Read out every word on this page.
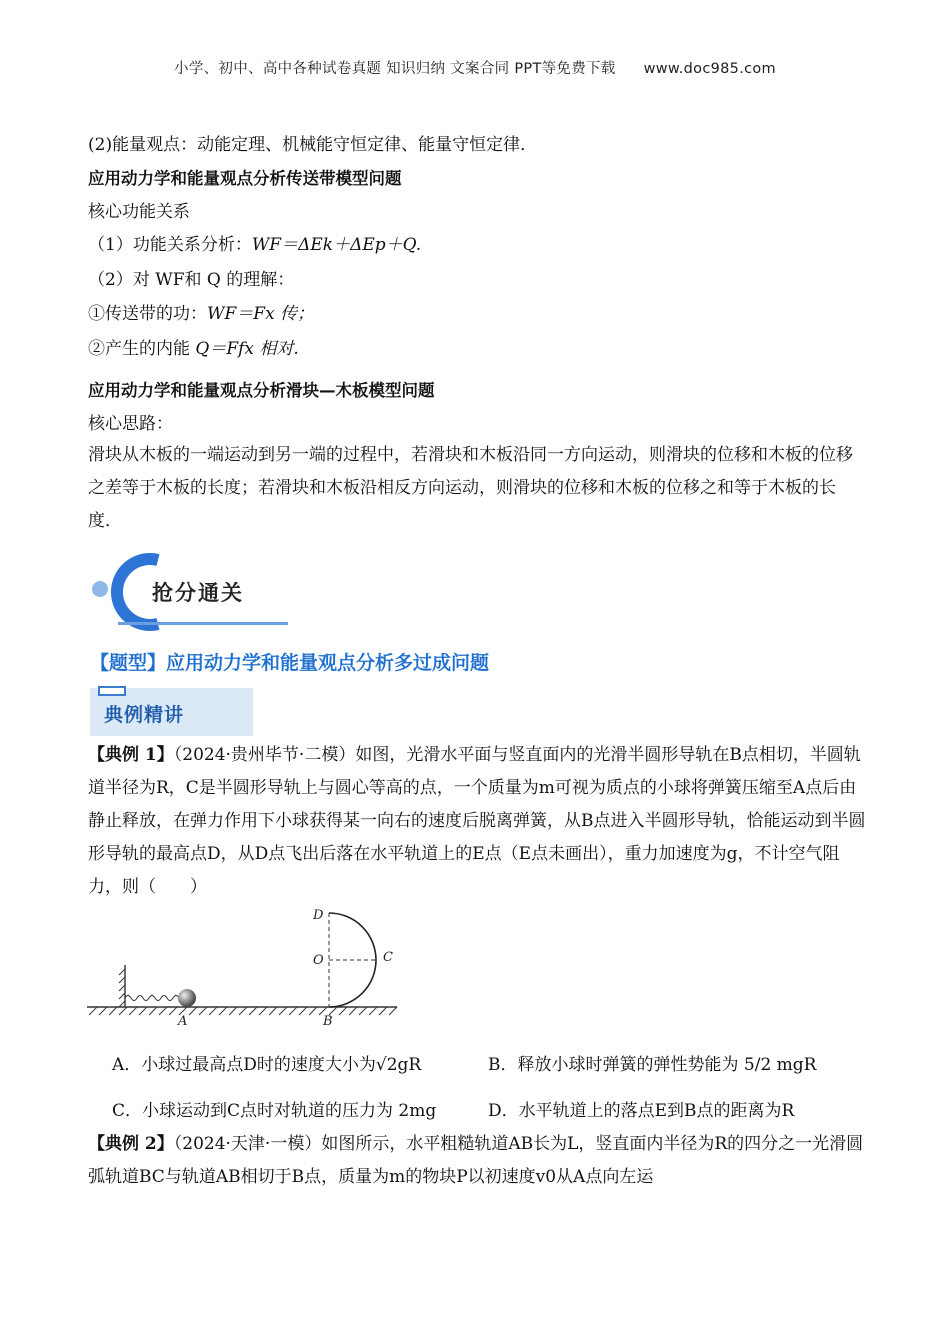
小学、初中、高中各种试卷真题 知识归纳 文案合同 PPT等免费下载 www.doc985.com
(2)能量观点：动能定理、机械能守恒定律、能量守恒定律．
应用动力学和能量观点分析传送带模型问题
核心功能关系
（1）功能关系分析：WF＝ΔEk＋ΔEp＋Q.
（2）对 WF和 Q 的理解：
①传送带的功：WF＝Fx 传；
②产生的内能 Q＝Ffx 相对.
应用动力学和能量观点分析滑块—木板模型问题
核心思路：
滑块从木板的一端运动到另一端的过程中，若滑块和木板沿同一方向运动，则滑块的位移和木板的位移之差等于木板的长度；若滑块和木板沿相反方向运动，则滑块的位移和木板的位移之和等于木板的长度．
抢分通关
【题型】应用动力学和能量观点分析多过成问题
典例精讲
【典例 1】（2024·贵州毕节·二模）如图，光滑水平面与竖直面内的光滑半圆形导轨在B点相切，半圆轨道半径为R，C是半圆形导轨上与圆心等高的点，一个质量为m可视为质点的小球将弹簧压缩至A点后由静止释放，在弹力作用下小球获得某一向右的速度后脱离弹簧，从B点进入半圆形导轨，恰能运动到半圆形导轨的最高点D，从D点飞出后落在水平轨道上的E点（E点未画出），重力加速度为g，不计空气阻力，则（　　）
D
O	C
A	B
A．小球过最高点D时的速度大小为√2gR	B．释放小球时弹簧的弹性势能为 5/2 mgR
C．小球运动到C点时对轨道的压力为 2mg	D．水平轨道上的落点E到B点的距离为R
【典例 2】（2024·天津·一模）如图所示，水平粗糙轨道AB长为L，竖直面内半径为R的四分之一光滑圆弧轨道BC与轨道AB相切于B点，质量为m的物块P以初速度v0从A点向左运
